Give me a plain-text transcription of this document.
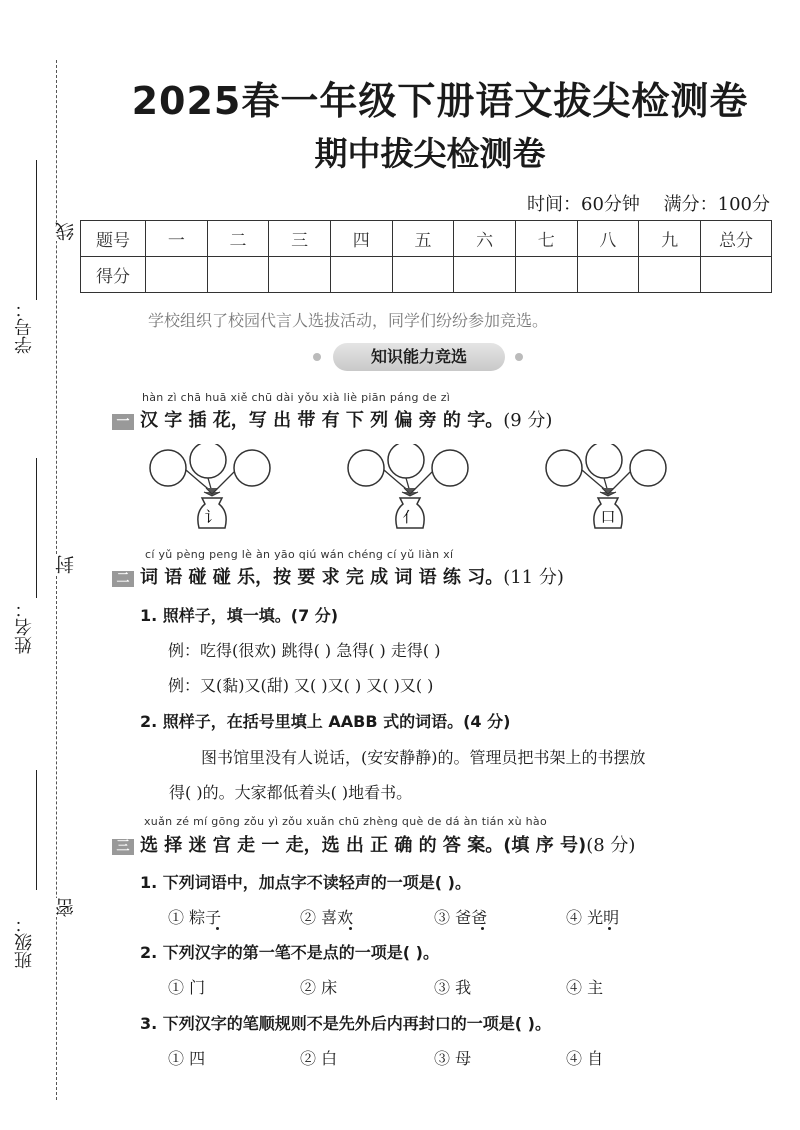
学号：
姓名：
班级：
线
封
密
2025春一年级下册语文拔尖检测卷
期中拔尖检测卷
时间：60分钟 满分：100分
题号	一	二	三	四	五	六	七	八	九	总分
得分										
学校组织了校园代言人选拔活动，同学们纷纷参加竞选。
知识能力竞选
hàn zì chā huā xiě chū dài yǒu xià liè piān páng de zì
一 汉 字 插 花，写 出 带 有 下 列 偏 旁 的 字。(9 分)
讠	亻	口
cí yǔ pèng peng lè àn yāo qiú wán chéng cí yǔ liàn xí
二 词 语 碰 碰 乐，按 要 求 完 成 词 语 练 习。(11 分)
1. 照样子，填一填。(7 分)
例：吃得(很欢) 跳得( ) 急得( ) 走得( )
例：又(黏)又(甜) 又( )又( ) 又( )又( )
2. 照样子，在括号里填上 AABB 式的词语。(4 分)
图书馆里没有人说话，(安安静静)的。管理员把书架上的书摆放
得( )的。大家都低着头( )地看书。
xuǎn zé mí gōng zǒu yì zǒu xuǎn chū zhèng què de dá àn tián xù hào
三 选 择 迷 宫 走 一 走，选 出 正 确 的 答 案。(填 序 号)(8 分)
1. 下列词语中，加点字不读轻声的一项是( )。
① 粽子	② 喜欢	③ 爸爸	④ 光明
2. 下列汉字的第一笔不是点的一项是( )。
① 门	② 床	③ 我	④ 主
3. 下列汉字的笔顺规则不是先外后内再封口的一项是( )。
① 四	② 白	③ 母	④ 自
